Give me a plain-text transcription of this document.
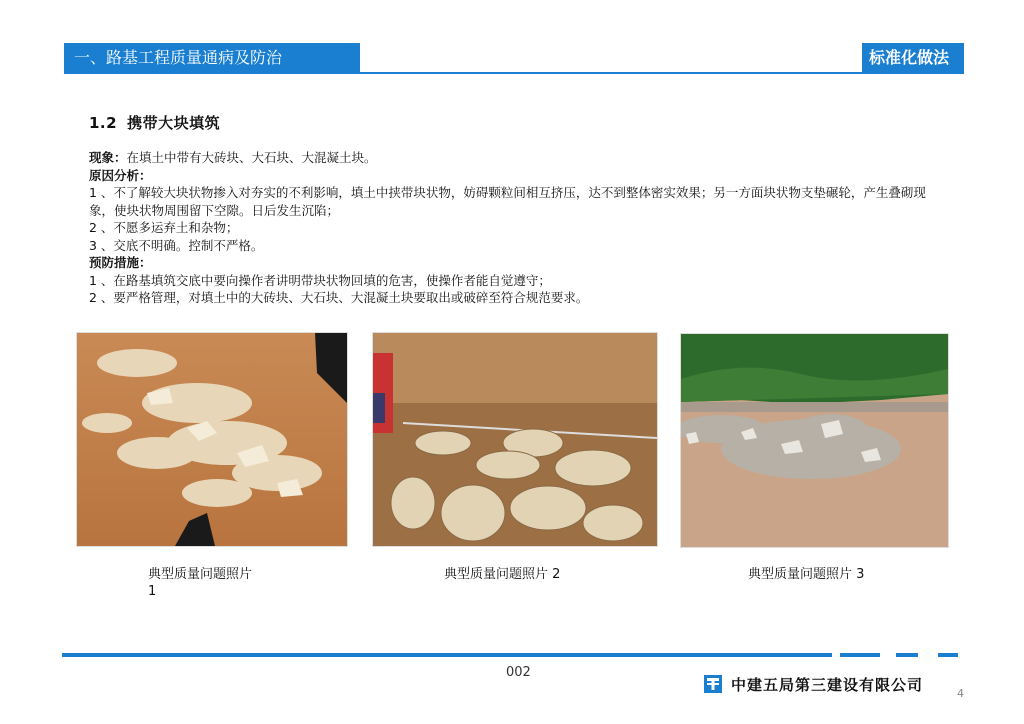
一、路基工程质量通病及防治	标准化做法
1.2 携带大块填筑

现象：在填土中带有大砖块、大石块、大混凝土块。

原因分析：

1 、不了解较大块状物掺入对夯实的不利影响，填土中挟带块状物，妨碍颗粒间相互挤压，达不到整体密实效果；另一方面块状物支垫碾轮，产生叠砌现象，使块状物周围留下空隙。日后发生沉陷；

2 、不愿多运弃土和杂物；

3 、交底不明确。控制不严格。

预防措施：

1 、在路基填筑交底中要向操作者讲明带块状物回填的危害，使操作者能自觉遵守；

2 、要严格管理，对填土中的大砖块、大石块、大混凝土块要取出或破碎至符合规范要求。

典型质量问题照片
1
典型质量问题照片 2	典型质量问题照片 3
002
中建五局第三建设有限公司	4
